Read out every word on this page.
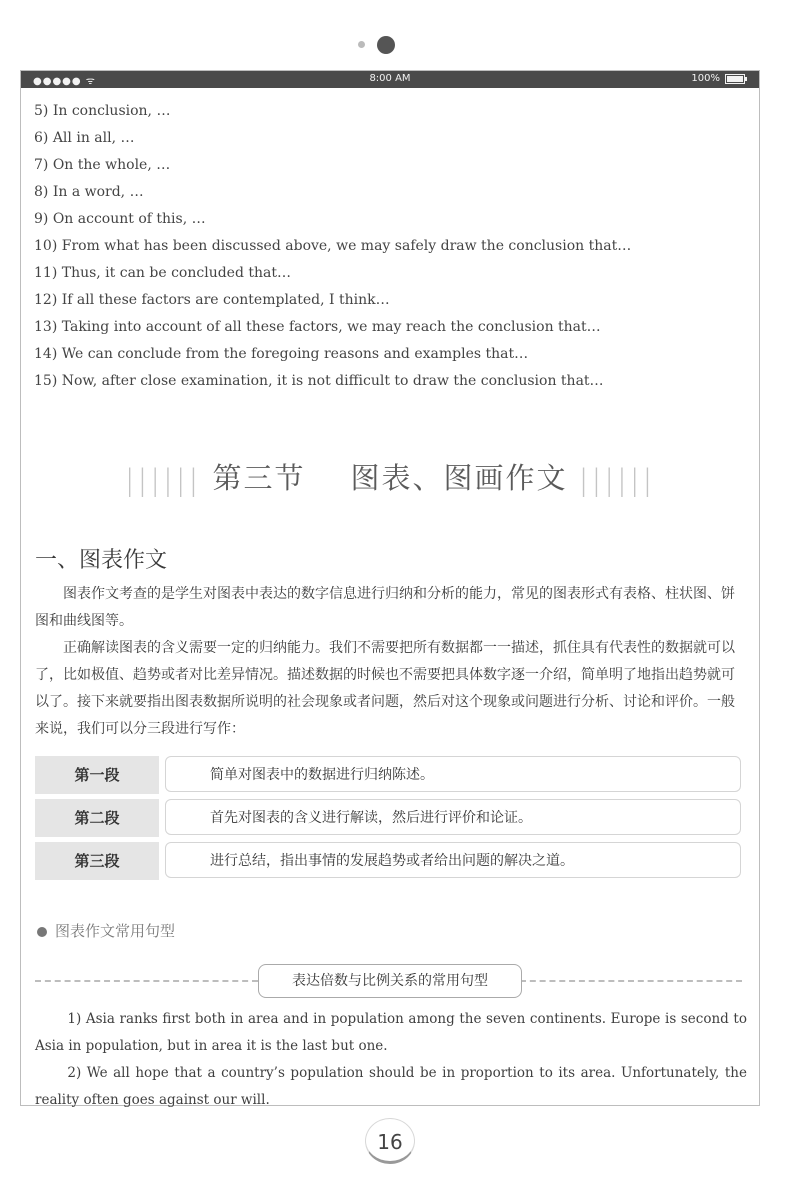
●●●●● ᯤ	8:00 AM	100%
5) In conclusion, …
6) All in all, …
7) On the whole, …
8) In a word, …
9) On account of this, …
10) From what has been discussed above, we may safely draw the conclusion that…
11) Thus, it can be concluded that…
12) If all these factors are contemplated, I think…
13) Taking into account of all these factors, we may reach the conclusion that…
14) We can conclude from the foregoing reasons and examples that…
15) Now, after close examination, it is not difficult to draw the conclusion that…
|||||| 第三节 图表、图画作文 ||||||
一、图表作文
图表作文考查的是学生对图表中表达的数字信息进行归纳和分析的能力，常见的图表形式有表格、柱状图、饼图和曲线图等。
正确解读图表的含义需要一定的归纳能力。我们不需要把所有数据都一一描述，抓住具有代表性的数据就可以了，比如极值、趋势或者对比差异情况。描述数据的时候也不需要把具体数字逐一介绍，简单明了地指出趋势就可以了。接下来就要指出图表数据所说明的社会现象或者问题，然后对这个现象或问题进行分析、讨论和评价。一般来说，我们可以分三段进行写作：
第一段	简单对图表中的数据进行归纳陈述。
第二段	首先对图表的含义进行解读，然后进行评价和论证。
第三段	进行总结，指出事情的发展趋势或者给出问题的解决之道。
图表作文常用句型
表达倍数与比例关系的常用句型
1) Asia ranks first both in area and in population among the seven continents. Europe is second to Asia in population, but in area it is the last but one.
2) We all hope that a country’s population should be in proportion to its area. Unfortunately, the reality often goes against our will.
16
